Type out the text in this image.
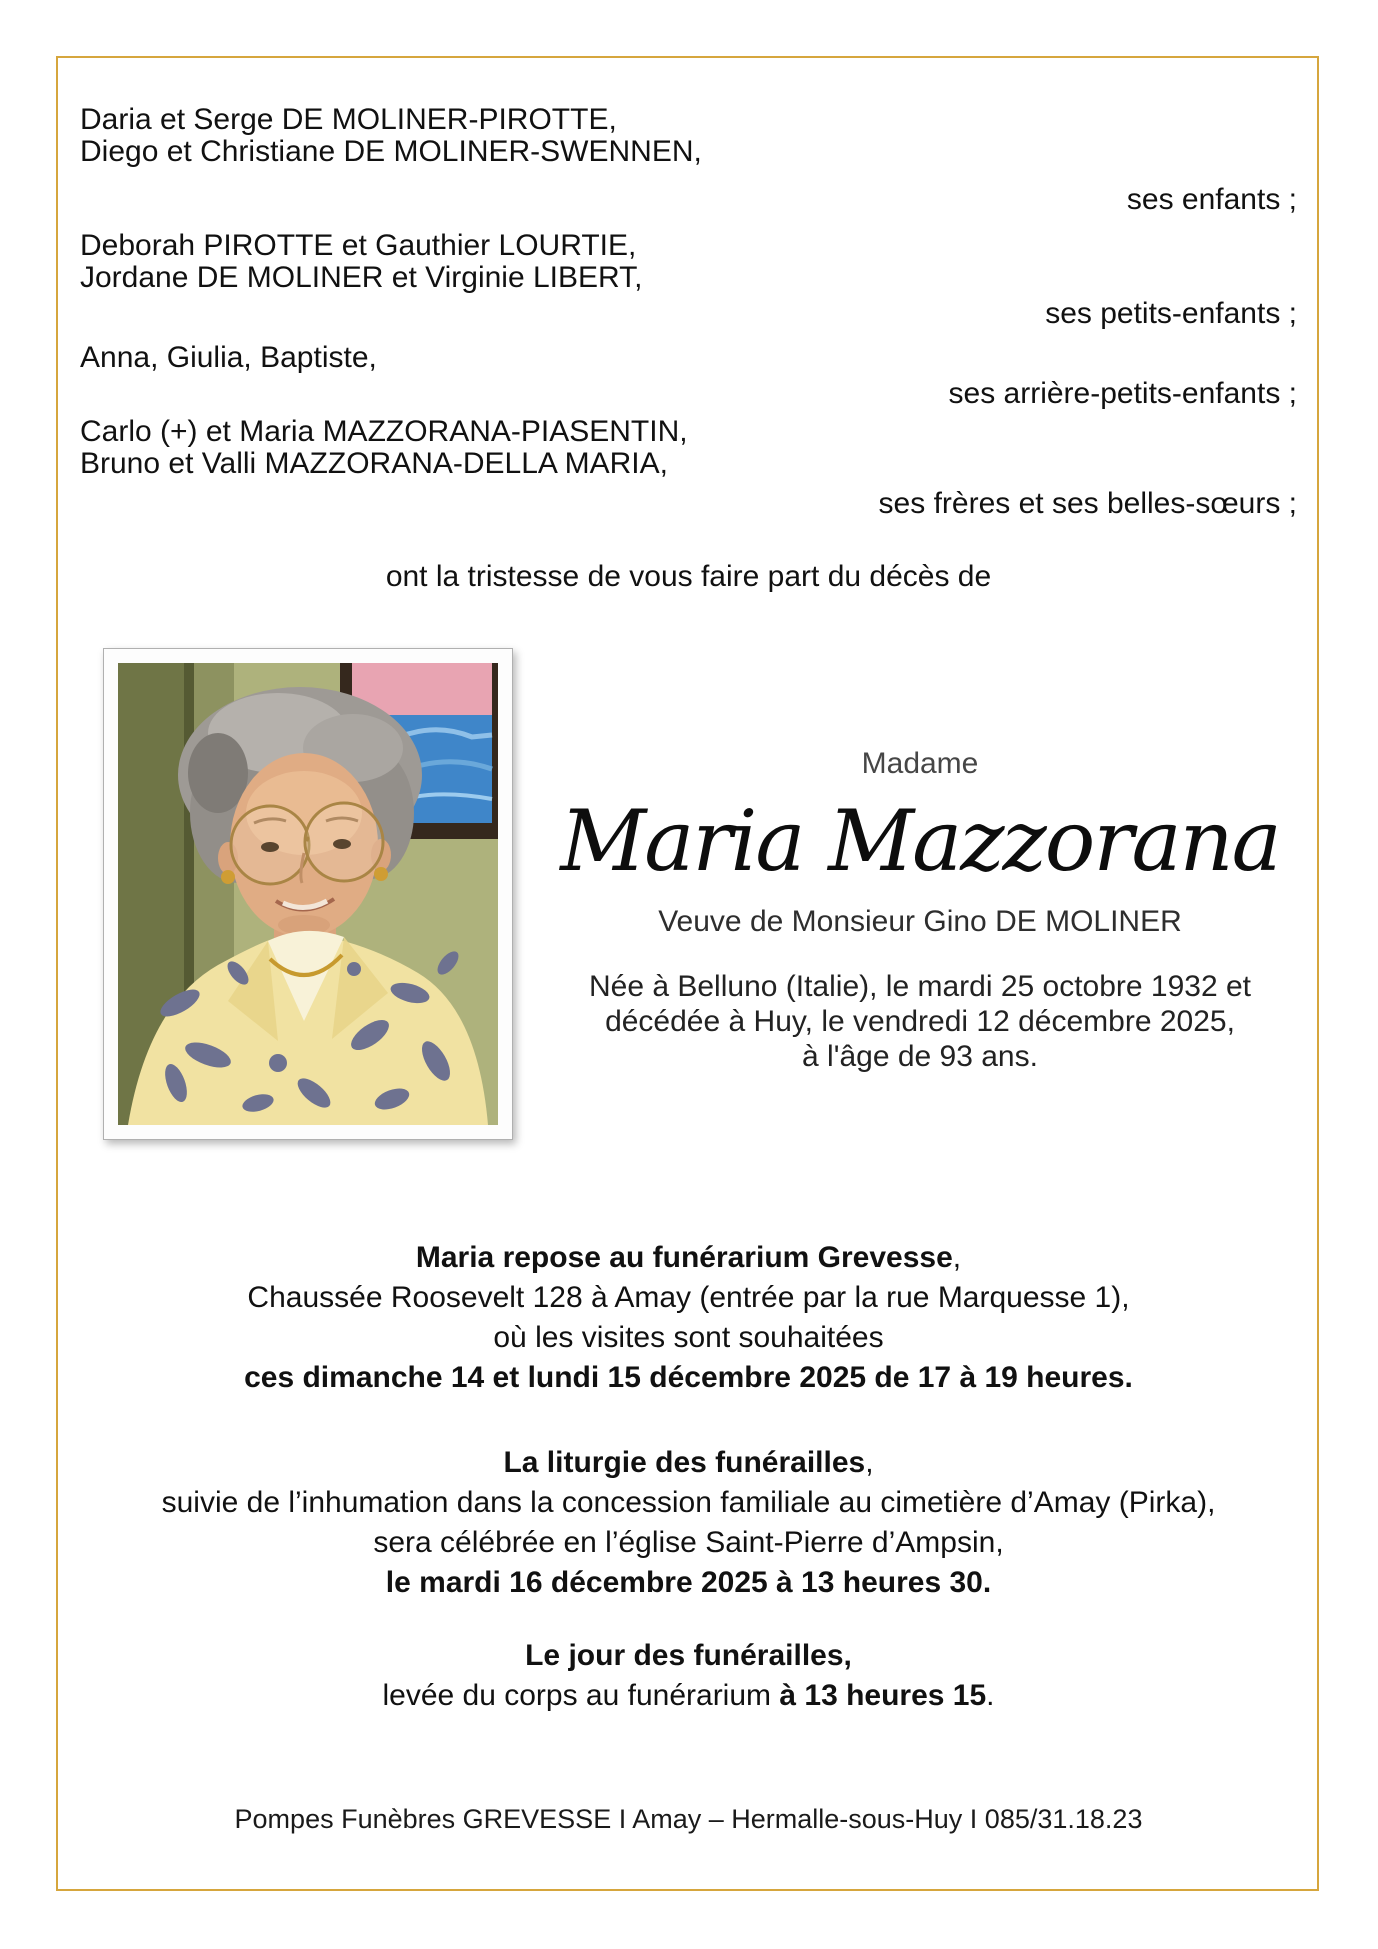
Daria et Serge DE MOLINER-PIROTTE,
Diego et Christiane DE MOLINER-SWENNEN,
ses enfants ;
Deborah PIROTTE et Gauthier LOURTIE,
Jordane DE MOLINER et Virginie LIBERT,
ses petits-enfants ;
Anna, Giulia, Baptiste,
ses arrière-petits-enfants ;
Carlo (+) et Maria MAZZORANA-PIASENTIN,
Bruno et Valli MAZZORANA-DELLA MARIA,
ses frères et ses belles-sœurs ;
ont la tristesse de vous faire part du décès de
Madame
Maria Mazzorana
Veuve de Monsieur Gino DE MOLINER
Née à Belluno (Italie), le mardi 25 octobre 1932 et
décédée à Huy, le vendredi 12 décembre 2025,
à l'âge de 93 ans.
Maria repose au funérarium Grevesse,
Chaussée Roosevelt 128 à Amay (entrée par la rue Marquesse 1),
où les visites sont souhaitées
ces dimanche 14 et lundi 15 décembre 2025 de 17 à 19 heures.
La liturgie des funérailles,
suivie de l’inhumation dans la concession familiale au cimetière d’Amay (Pirka),
sera célébrée en l’église Saint-Pierre d’Ampsin,
le mardi 16 décembre 2025 à 13 heures 30.
Le jour des funérailles,
levée du corps au funérarium à 13 heures 15.
Pompes Funèbres GREVESSE I Amay – Hermalle-sous-Huy I 085/31.18.23
